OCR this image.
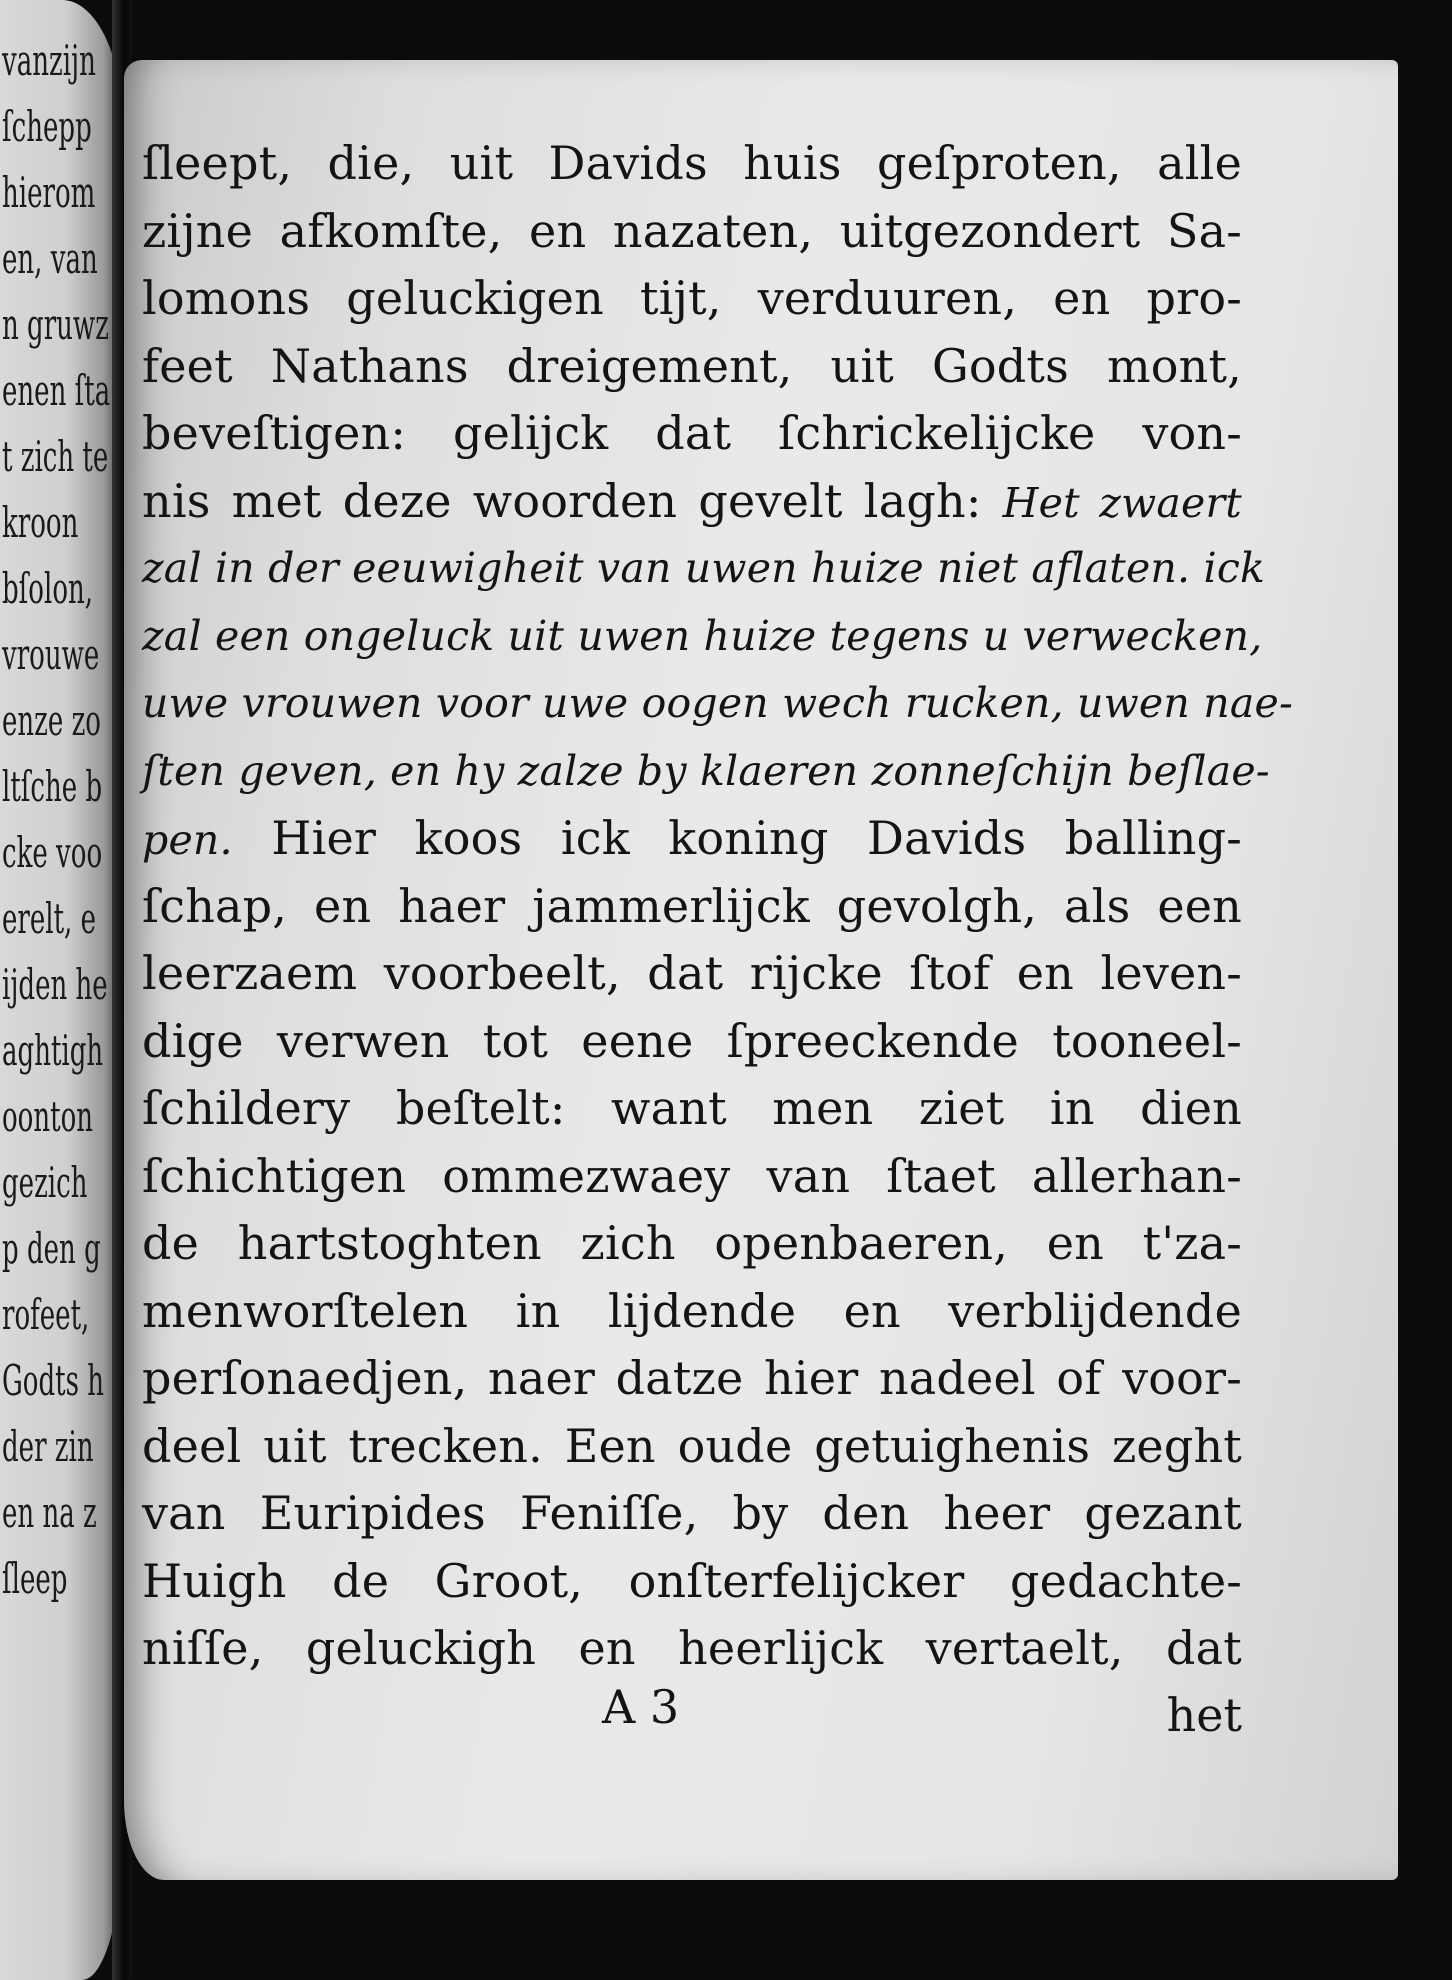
vanzijn
ſchepp
hierom
en, van
n gruwz
enen ſta
t zich te
kroon
bſolon,
vrouwe
enze zo
ltſche b
cke voo
erelt, e
ijden he
aghtigh
oonton
gezich
p den g
rofeet,
Godts h
der zin
en na z
ſleep
ſleept, die, uit Davids huis geſproten, alle
zijne afkomſte, en nazaten, uitgezondert Sa-
lomons geluckigen tijt, verduuren, en pro-
feet Nathans dreigement, uit Godts mont,
beveſtigen: gelijck dat ſchrickelijcke von-
nis met deze woorden gevelt lagh: Het zwaert
zal in der eeuwigheit van uwen huize niet aflaten. ick
zal een ongeluck uit uwen huize tegens u verwecken,
uwe vrouwen voor uwe oogen wech rucken, uwen nae-
ſten geven, en hy zalze by klaeren zonneſchijn beſlae-
pen. Hier koos ick koning Davids balling-
ſchap, en haer jammerlijck gevolgh, als een
leerzaem voorbeelt, dat rijcke ſtof en leven-
dige verwen tot eene ſpreeckende tooneel-
ſchildery beſtelt: want men ziet in dien
ſchichtigen ommezwaey van ſtaet allerhan-
de hartstoghten zich openbaeren, en t'za-
menworſtelen in lijdende en verblijdende
perſonaedjen, naer datze hier nadeel of voor-
deel uit trecken. Een oude getuighenis zeght
van Euripides Feniſſe, by den heer gezant
Huigh de Groot, onſterfelijcker gedachte-
niſſe, geluckigh en heerlijck vertaelt, dat
A 3	het
